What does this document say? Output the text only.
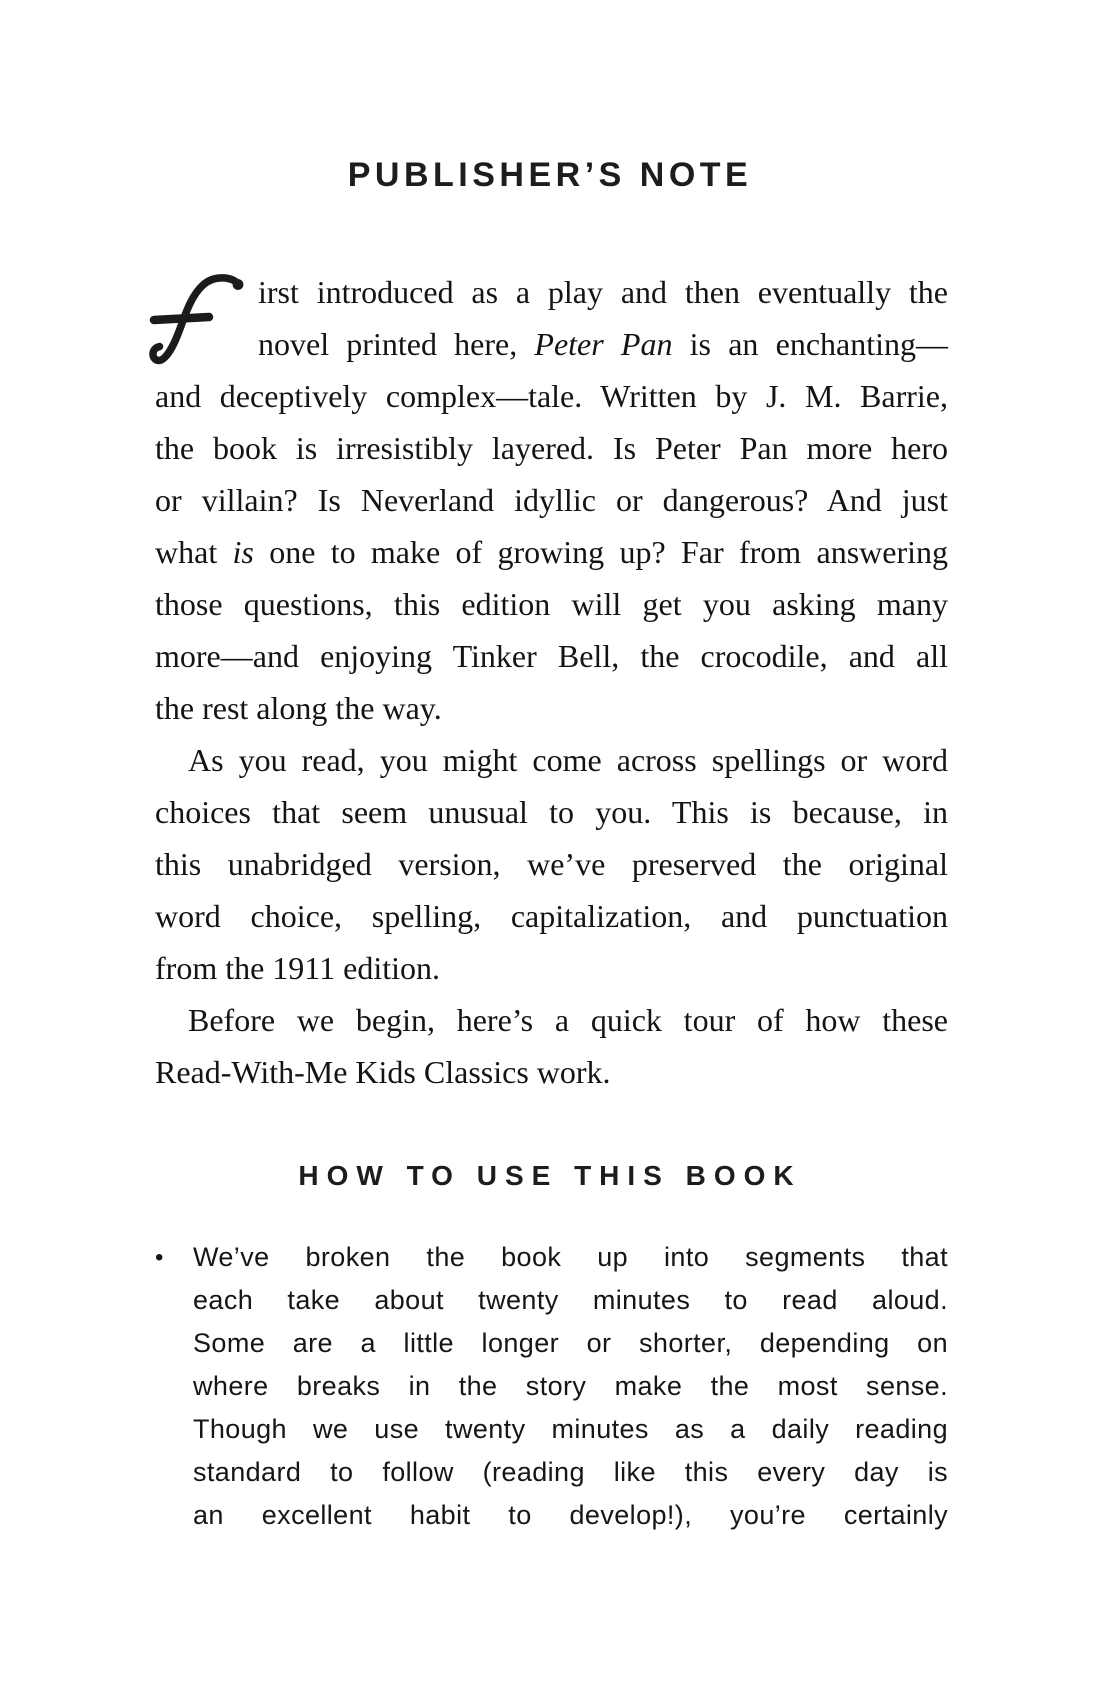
PUBLISHER’S NOTE
irst introduced as a play and then eventually the
novel printed here, Peter Pan is an enchanting—
and deceptively complex—tale. Written by J. M. Barrie,
the book is irresistibly layered. Is Peter Pan more hero
or villain? Is Neverland idyllic or dangerous? And just
what is one to make of growing up? Far from answering
those questions, this edition will get you asking many
more—and enjoying Tinker Bell, the crocodile, and all
the rest along the way.
As you read, you might come across spellings or word
choices that seem unusual to you. This is because, in
this unabridged version, we’ve preserved the original
word choice, spelling, capitalization, and punctuation
from the 1911 edition.
Before we begin, here’s a quick tour of how these
Read-With-Me Kids Classics work.
HOW TO USE THIS BOOK
•	We’ve broken the book up into segments that
each take about twenty minutes to read aloud.
Some are a little longer or shorter, depending on
where breaks in the story make the most sense.
Though we use twenty minutes as a daily reading
standard to follow (reading like this every day is
an excellent habit to develop!), you’re certainly
